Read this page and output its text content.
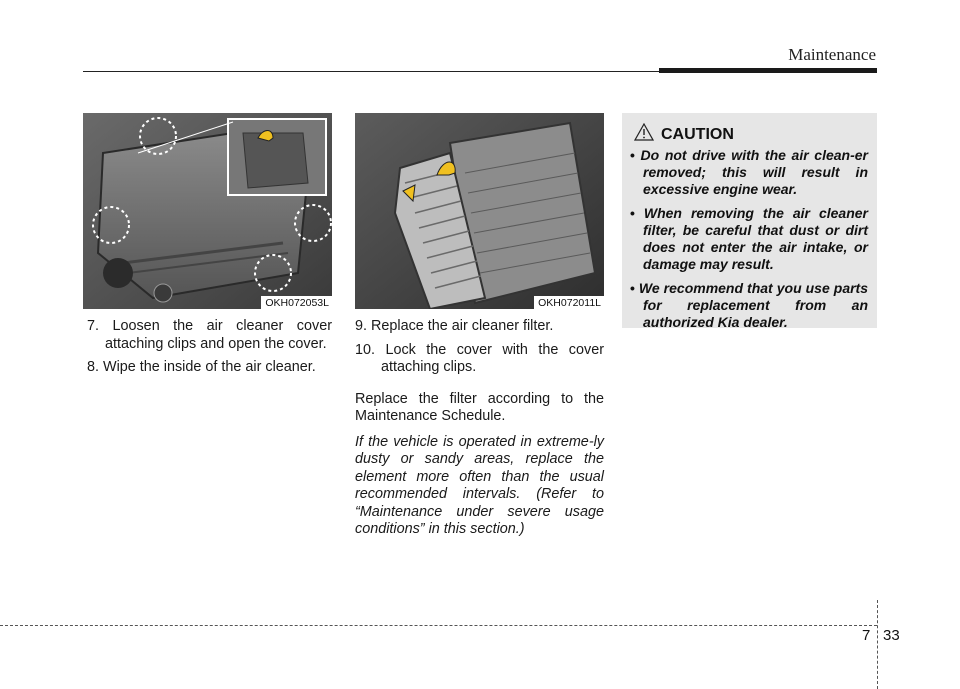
Maintenance
OKH072053L	OKH072011L

7. Loosen the air cleaner cover attaching clips and open the cover.

8. Wipe the inside of the air cleaner.

9. Replace the air cleaner filter.

10. Lock the cover with the cover attaching clips.

Replace the filter according to the Maintenance Schedule.

If the vehicle is operated in extreme-ly dusty or sandy areas, replace the element more often than the usual recommended intervals. (Refer to “Maintenance under severe usage conditions” in this section.)

CAUTION
• Do not drive with the air clean-er removed; this will result in excessive engine wear.
• When removing the air cleaner filter, be careful that dust or dirt does not enter the air intake, or damage may result.
• We recommend that you use parts for replacement from an authorized Kia dealer.
7 33
